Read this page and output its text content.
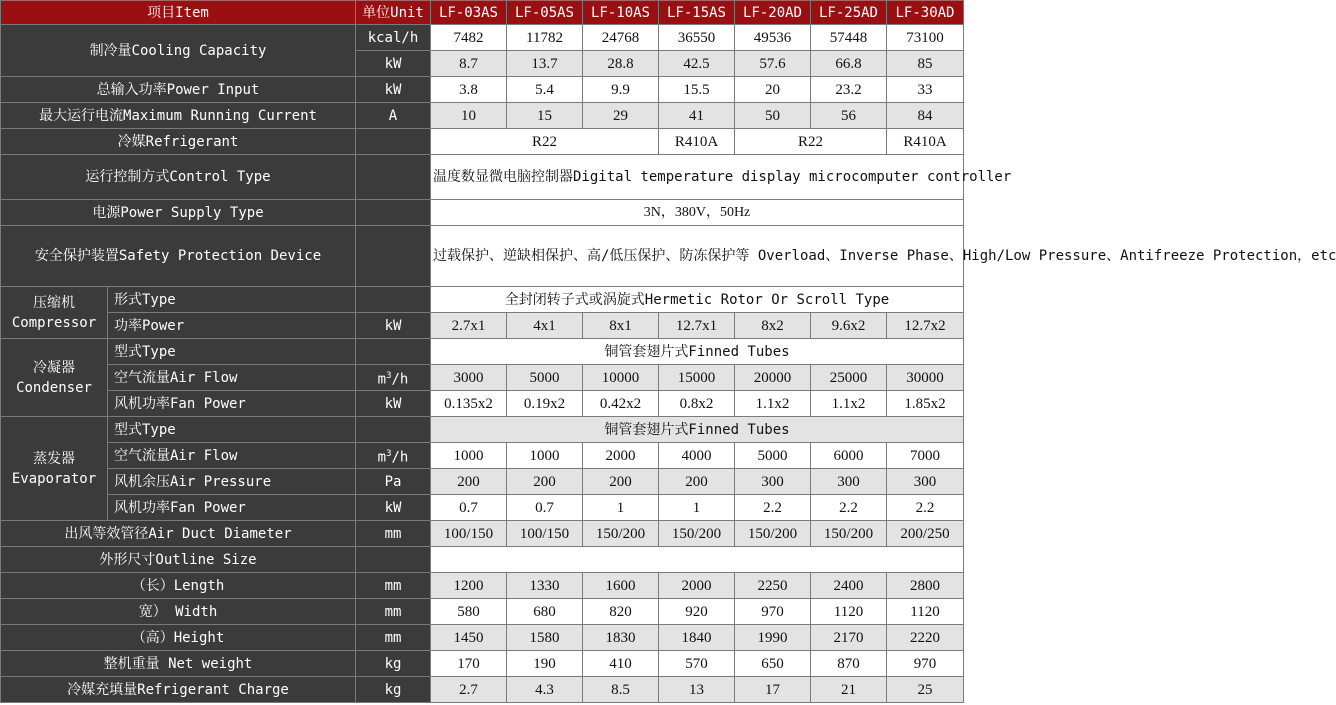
项目Item		单位Unit	LF-03AS	LF-05AS	LF-10AS	LF-15AS	LF-20AD	LF-25AD	LF-30AD
制冷量Cooling Capacity		kcal/h	7482	11782	24768	36550	49536	57448	73100
		kW	8.7	13.7	28.8	42.5	57.6	66.8	85
总输入功率Power Input		kW	3.8	5.4	9.9	15.5	20	23.2	33
最大运行电流Maximum Running Current		A	10	15	29	41	50	56	84
冷媒Refrigerant			R22			R410A	R22		R410A
运行控制方式Control Type			温度数显微电脑控制器Digital temperature display microcomputer controller						
电源Power Supply Type			3N，380V，50Hz						
安全保护装置Safety Protection Device			过载保护、逆缺相保护、高/低压保护、防冻保护等 Overload、Inverse Phase、High/Low Pressure、Antifreeze Protection，etc						

压缩机
Compressor	形式Type		全封闭转子式或涡旋式Hermetic Rotor Or Scroll Type						
	功率Power	kW	2.7x1	4x1	8x1	12.7x1	8x2	9.6x2	12.7x2

冷凝器
Condenser	型式Type		铜管套翅片式Finned Tubes						
	空气流量Air Flow	$m^3/h$	3000	5000	10000	15000	20000	25000	30000
	风机功率Fan Power	kW	0.135x2	0.19x2	0.42x2	0.8x2	1.1x2	1.1x2	1.85x2

蒸发器
Evaporator	型式Type		铜管套翅片式Finned Tubes						
	空气流量Air Flow	$m^3/h$	1000	1000	2000	4000	5000	6000	7000
	风机余压Air Pressure	Pa	200	200	200	200	300	300	300
	风机功率Fan Power	kW	0.7	0.7	1	1	2.2	2.2	2.2
出风等效管径Air Duct Diameter		mm	100/150	100/150	150/200	150/200	150/200	150/200	200/250
外形尺寸Outline Size									
（长）Length		mm	1200	1330	1600	2000	2250	2400	2800
宽） Width		mm	580	680	820	920	970	1120	1120
（高）Height		mm	1450	1580	1830	1840	1990	2170	2220
整机重量 Net weight		kg	170	190	410	570	650	870	970
冷媒充填量Refrigerant Charge		kg	2.7	4.3	8.5	13	17	21	25
